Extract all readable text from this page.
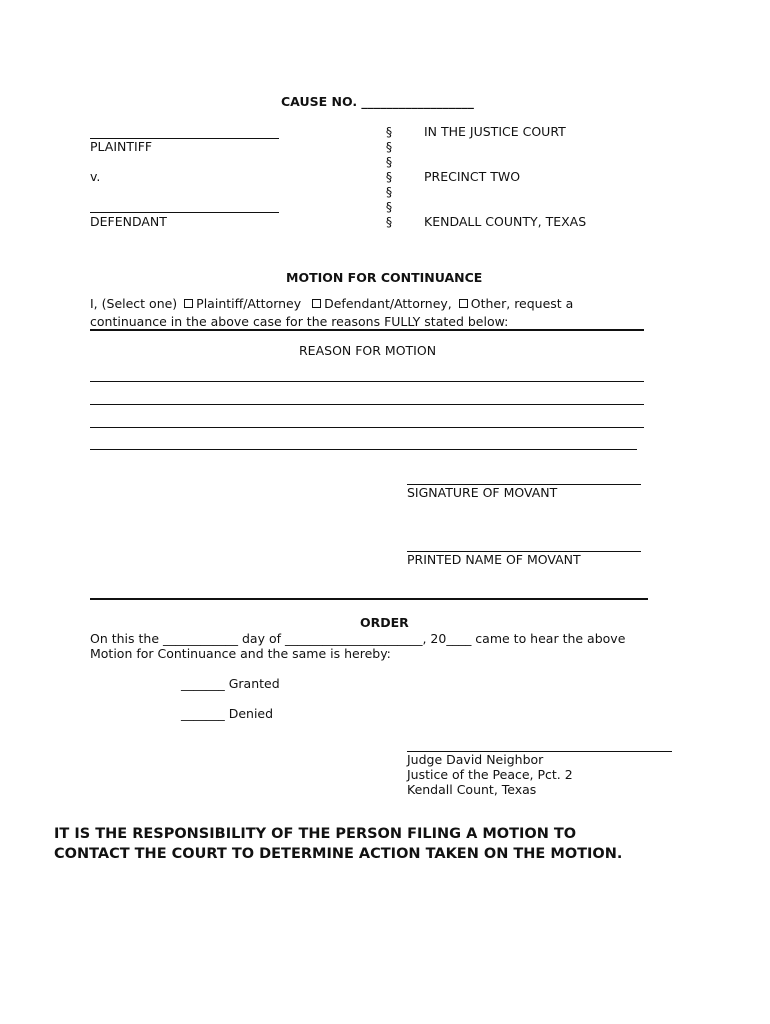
CAUSE NO. __________________
PLAINTIFF
v.
DEFENDANT
§
§
§
§
§
§
§
IN THE JUSTICE COURT
PRECINCT TWO
KENDALL COUNTY, TEXAS
MOTION FOR CONTINUANCE
I, (Select one) Plaintiff/Attorney Defendant/Attorney, Other, request a
continuance in the above case for the reasons FULLY stated below:
REASON FOR MOTION
SIGNATURE OF MOVANT
PRINTED NAME OF MOVANT
ORDER
On this the ____________ day of ______________________, 20____ came to hear the above
Motion for Continuance and the same is hereby:
_______ Granted
_______ Denied
Judge David Neighbor
Justice of the Peace, Pct. 2
Kendall Count, Texas
IT IS THE RESPONSIBILITY OF THE PERSON FILING A MOTION TO
CONTACT THE COURT TO DETERMINE ACTION TAKEN ON THE MOTION.
